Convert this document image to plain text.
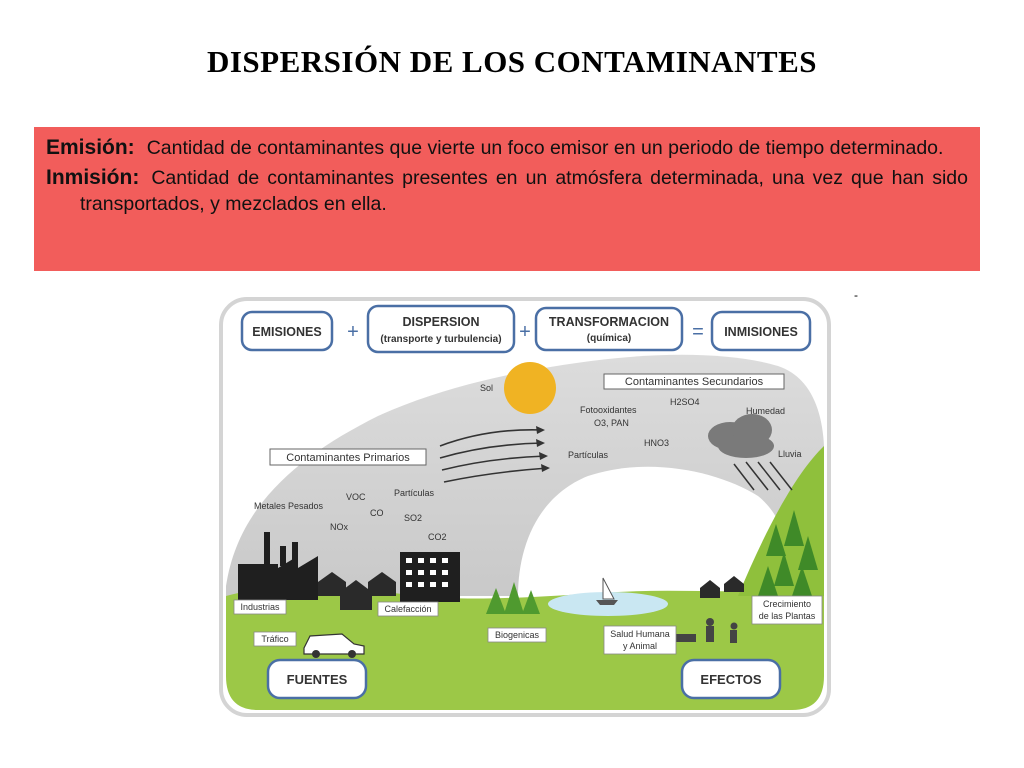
DISPERSIÓN DE LOS CONTAMINANTES
Emisión: Cantidad de contaminantes que vierte un foco emisor en un periodo de tiempo determinado.
Inmisión: Cantidad de contaminantes presentes en un atmósfera determinada, una vez que han sido transportados, y mezclados en ella.
-
EMISIONES +	DISPERSION
(transporte y turbulencia) + TRANSFORMACION
(química)	= INMISIONES
Sol
Contaminantes Primarios
Contaminantes Secundarios
Metales Pesados
VOC	Partículas
CO SO2
NOx
CO2
H2SO4
Fotooxidantes
O3, PAN
HNO3
Partículas
Humedad
Lluvia
Industrias	Calefacción
Tráfico	Biogenicas	Salud Humana
y Animal
Crecimiento
de las Plantas
FUENTES	EFECTOS
